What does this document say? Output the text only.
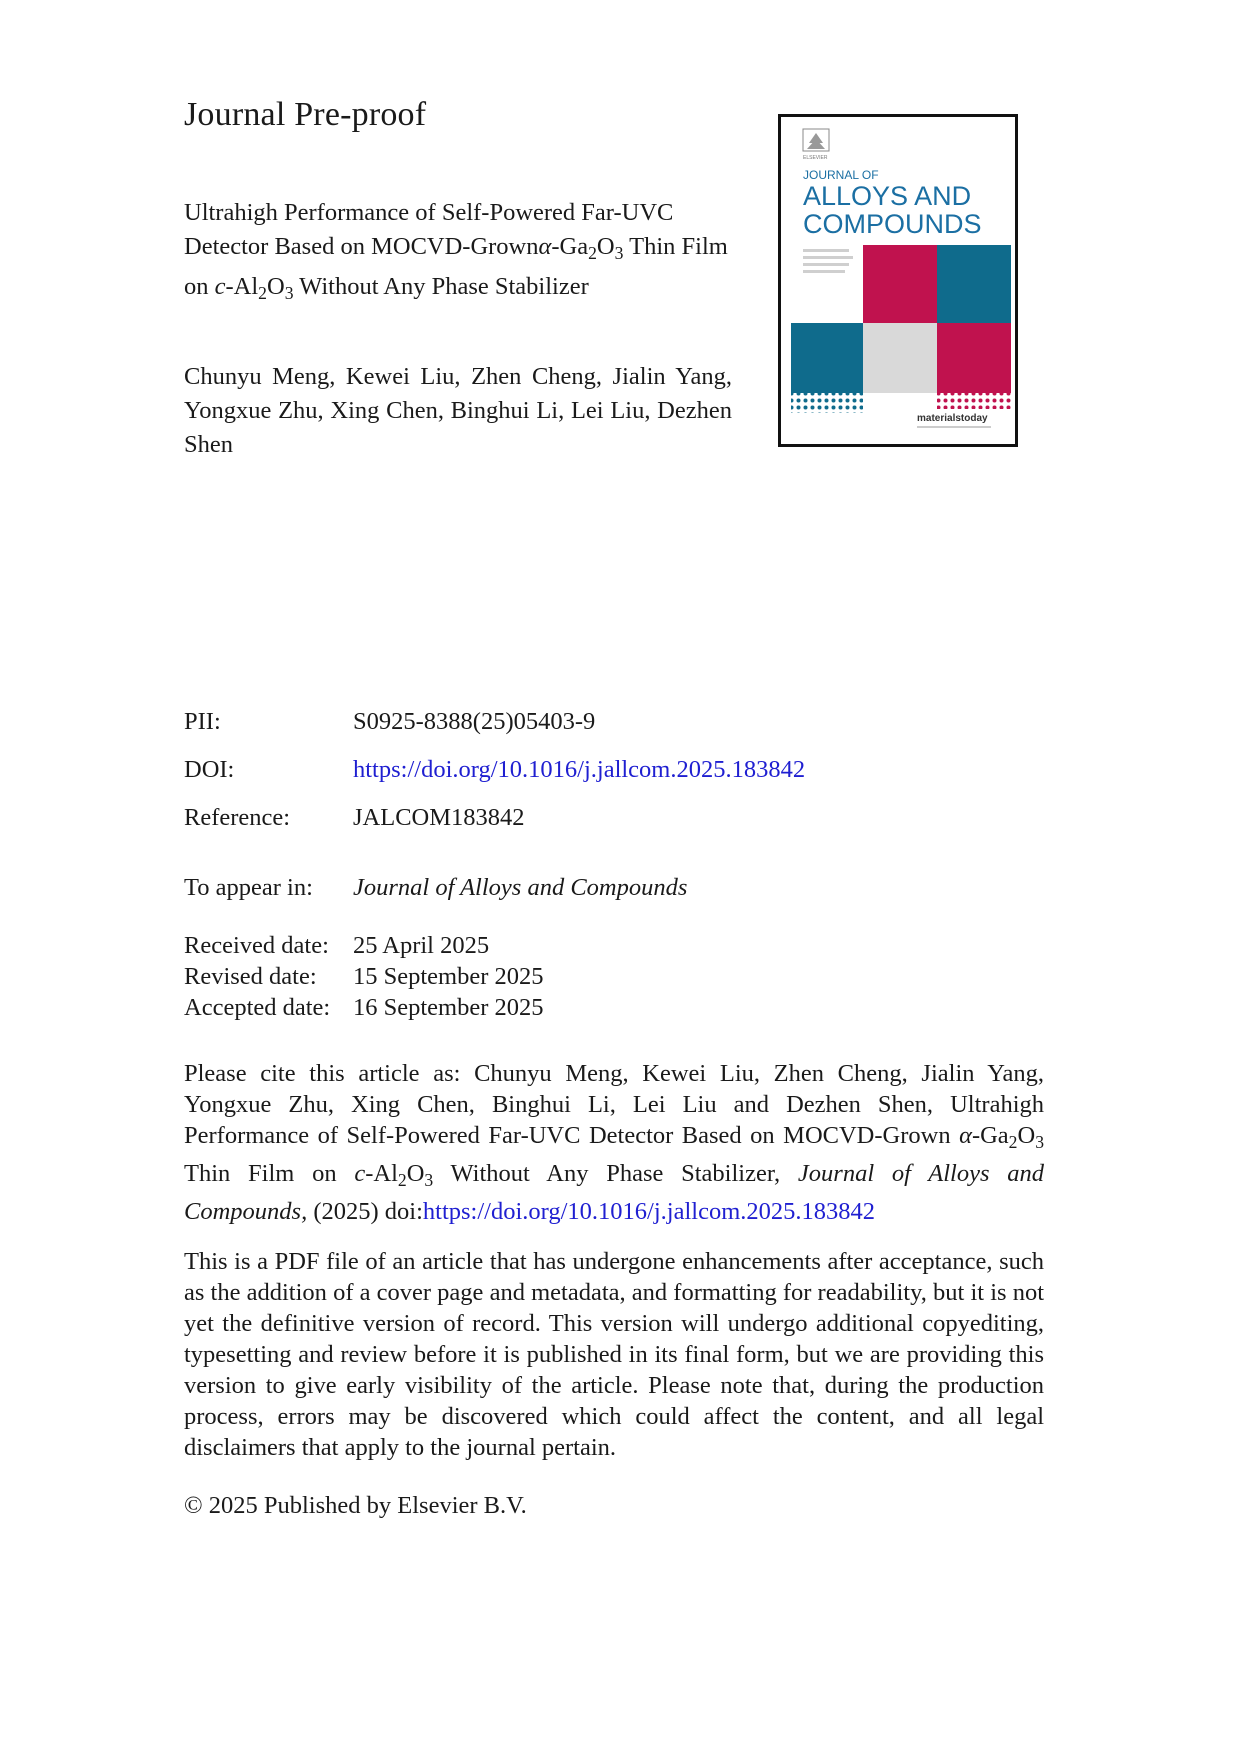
Journal Pre-proof
Ultrahigh Performance of Self-Powered Far-UVC Detector Based on MOCVD-$Grown\alpha-Ga_2O_3$ Thin Film on $c-Al_2O_3$ Without Any Phase Stabilizer
Chunyu Meng, Kewei Liu, Zhen Cheng, Jialin Yang, Yongxue Zhu, Xing Chen, Binghui Li, Lei Liu, Dezhen Shen
ELSEVIER
JOURNAL OF
ALLOYS AND
COMPOUNDS
materialstoday
PII:	S0925-8388(25)05403-9
DOI:	https://doi.org/10.1016/j.jallcom.2025.183842
Reference:	JALCOM183842
To appear in: Journal of Alloys and Compounds
Received date: 25 April 2025
Revised date: 15 September 2025
Accepted date: 16 September 2025

Please cite this article as: Chunyu Meng, Kewei Liu, Zhen Cheng, Jialin Yang, Yongxue Zhu, Xing Chen, Binghui Li, Lei Liu and Dezhen Shen, Ultrahigh Performance of Self-Powered Far-UVC Detector Based on MOCVD-Grown $\alpha-Ga_2O_3$ Thin Film on $c-Al_2O_3$ Without Any Phase Stabilizer, Journal of Alloys and Compounds, (2025) doi:https://doi.org/10.1016/j.jallcom.2025.183842

This is a PDF file of an article that has undergone enhancements after acceptance, such as the addition of a cover page and metadata, and formatting for readability, but it is not yet the definitive version of record. This version will undergo additional copyediting, typesetting and review before it is published in its final form, but we are providing this version to give early visibility of the article. Please note that, during the production process, errors may be discovered which could affect the content, and all legal disclaimers that apply to the journal pertain.
© 2025 Published by Elsevier B.V.
